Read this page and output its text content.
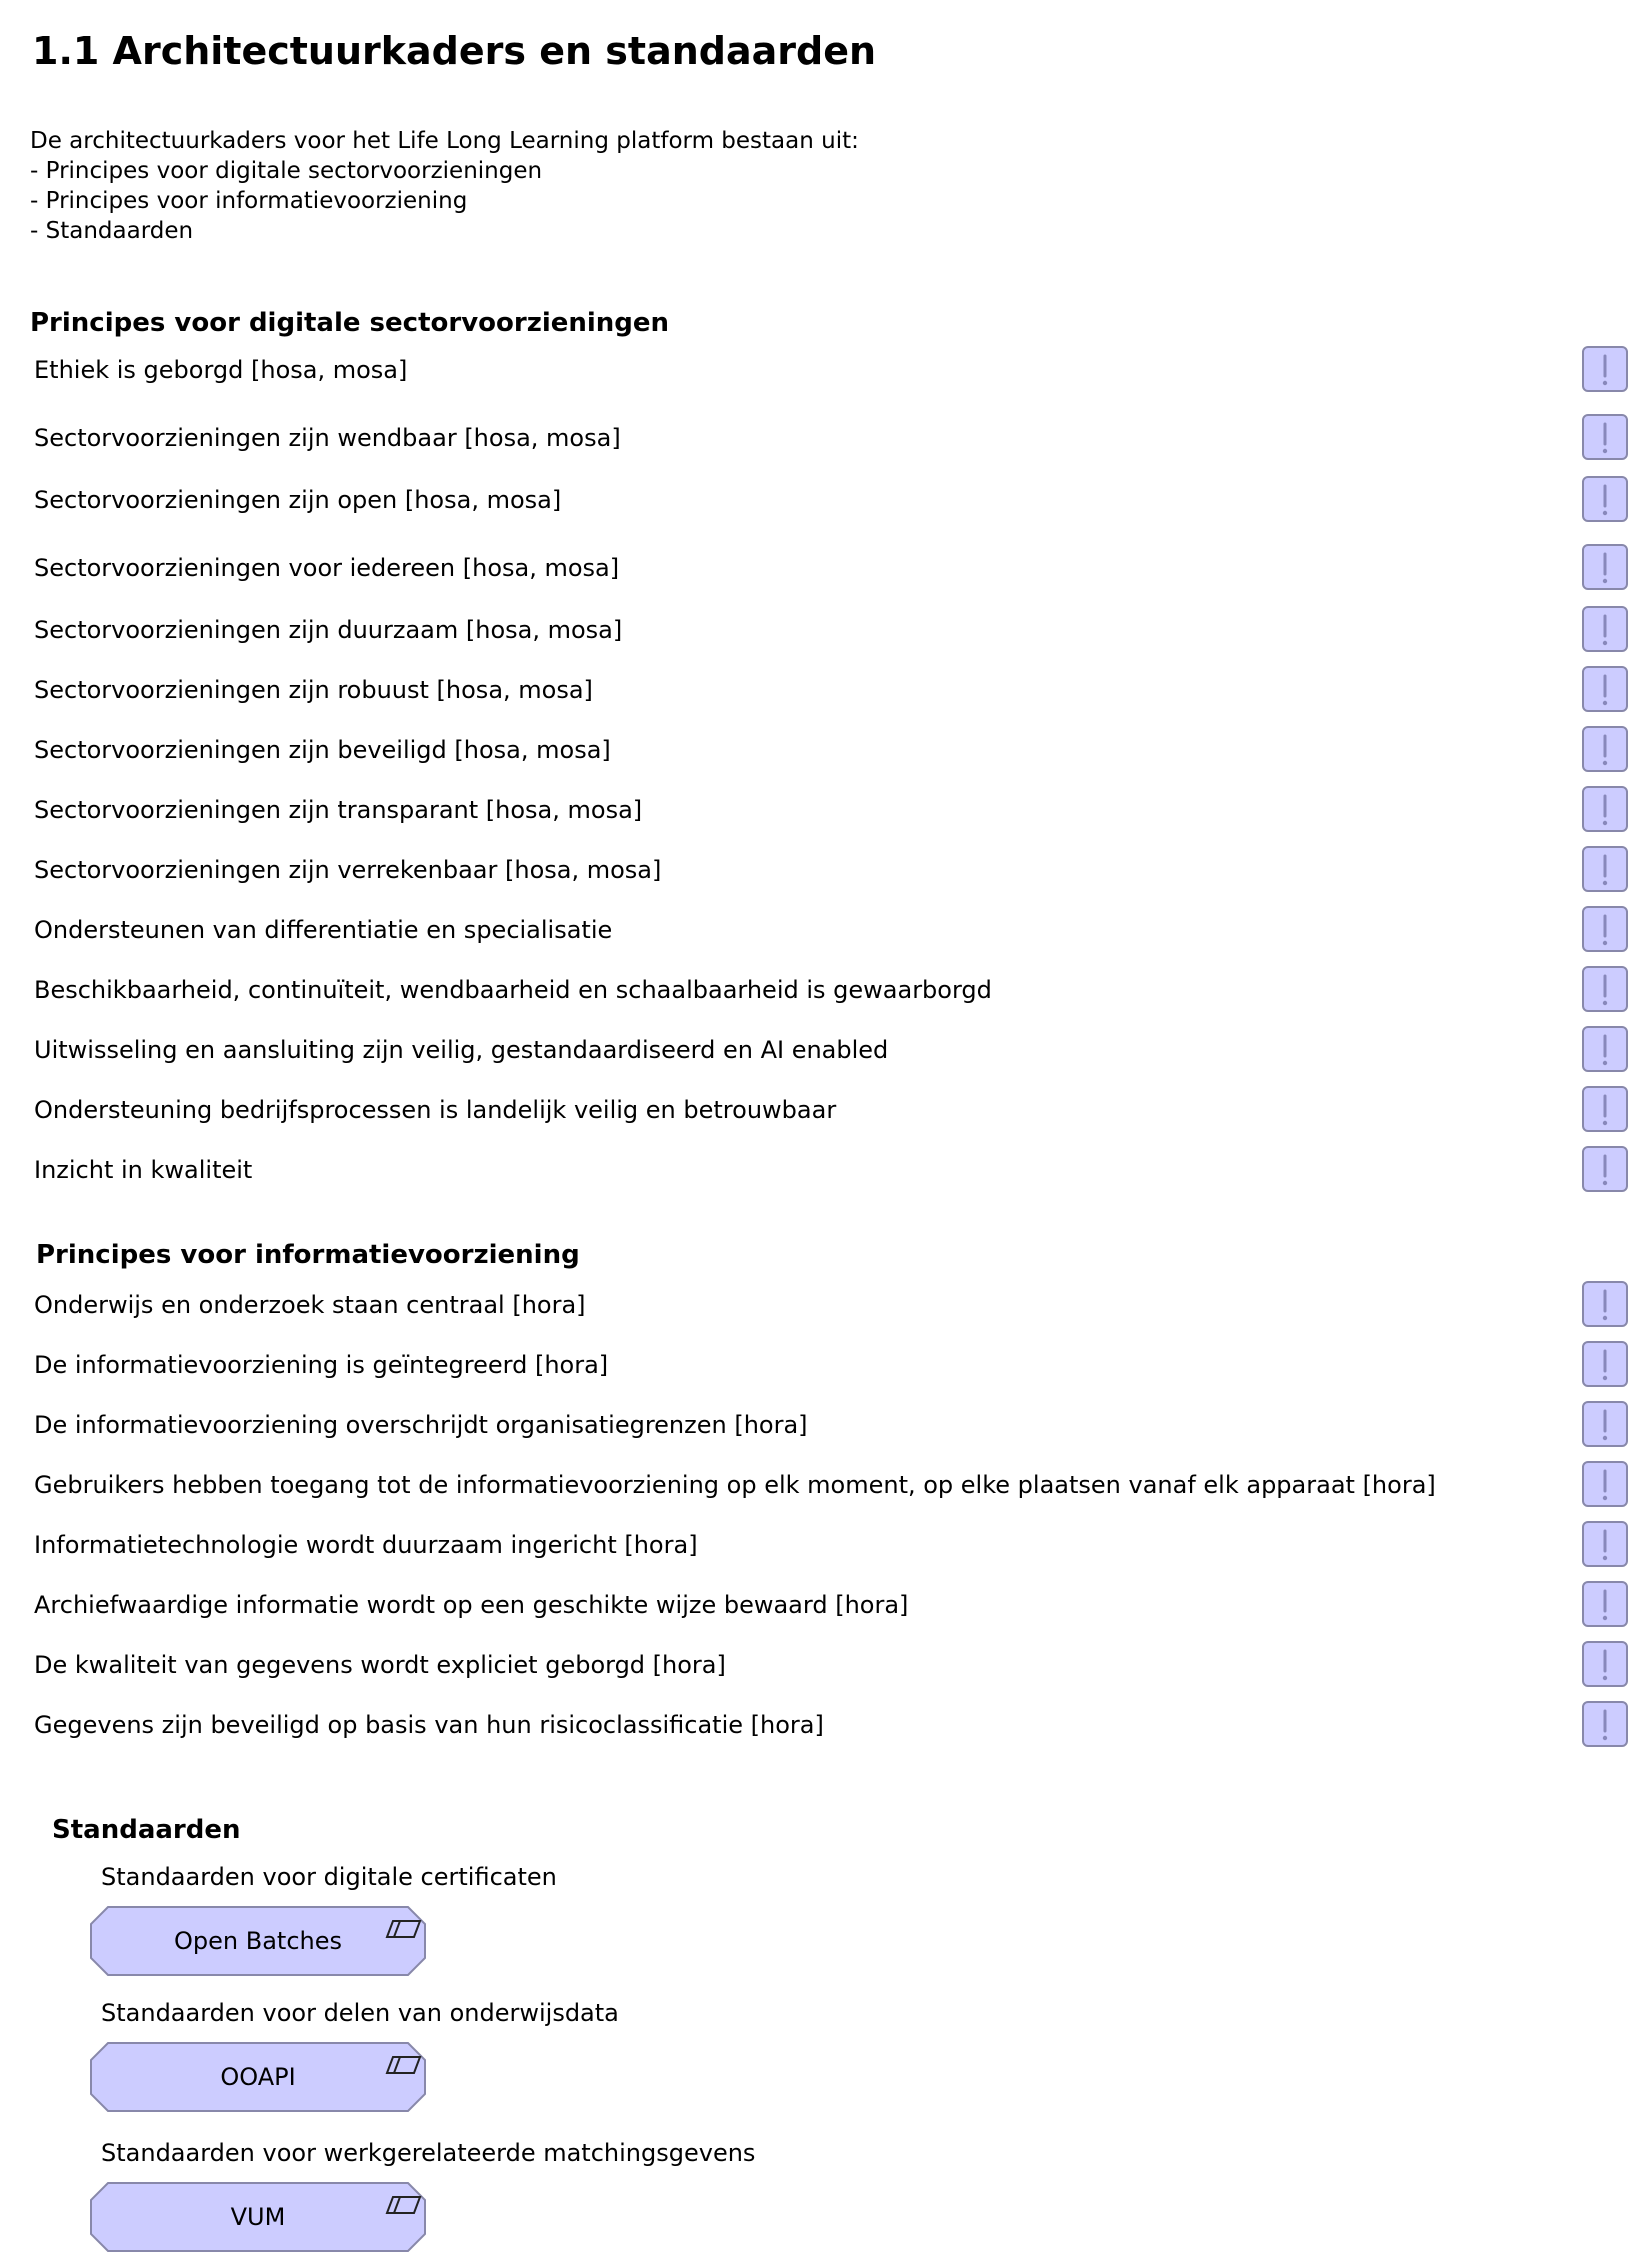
1.1 Architectuurkaders en standaarden
De architectuurkaders voor het Life Long Learning platform bestaan uit:
- Principes voor digitale sectorvoorzieningen
- Principes voor informatievoorziening
- Standaarden
Principes voor digitale sectorvoorzieningen
Ethiek is geborgd [hosa, mosa]
Sectorvoorzieningen zijn wendbaar [hosa, mosa]
Sectorvoorzieningen zijn open [hosa, mosa]
Sectorvoorzieningen voor iedereen [hosa, mosa]
Sectorvoorzieningen zijn duurzaam [hosa, mosa]
Sectorvoorzieningen zijn robuust [hosa, mosa]
Sectorvoorzieningen zijn beveiligd [hosa, mosa]
Sectorvoorzieningen zijn transparant [hosa, mosa]
Sectorvoorzieningen zijn verrekenbaar [hosa, mosa]
Ondersteunen van differentiatie en specialisatie
Beschikbaarheid, continuïteit, wendbaarheid en schaalbaarheid is gewaarborgd
Uitwisseling en aansluiting zijn veilig, gestandaardiseerd en AI enabled
Ondersteuning bedrijfsprocessen is landelijk veilig en betrouwbaar
Inzicht in kwaliteit
Principes voor informatievoorziening
Onderwijs en onderzoek staan centraal [hora]
De informatievoorziening is geïntegreerd [hora]
De informatievoorziening overschrijdt organisatiegrenzen [hora]
Gebruikers hebben toegang tot de informatievoorziening op elk moment, op elke plaatsen vanaf elk apparaat [hora]
Informatietechnologie wordt duurzaam ingericht [hora]
Archiefwaardige informatie wordt op een geschikte wijze bewaard [hora]
De kwaliteit van gegevens wordt expliciet geborgd [hora]
Gegevens zijn beveiligd op basis van hun risicoclassificatie [hora]
Standaarden
Standaarden voor digitale certificaten
Open Batches
Standaarden voor delen van onderwijsdata
OOAPI
Standaarden voor werkgerelateerde matchingsgevens
VUM
